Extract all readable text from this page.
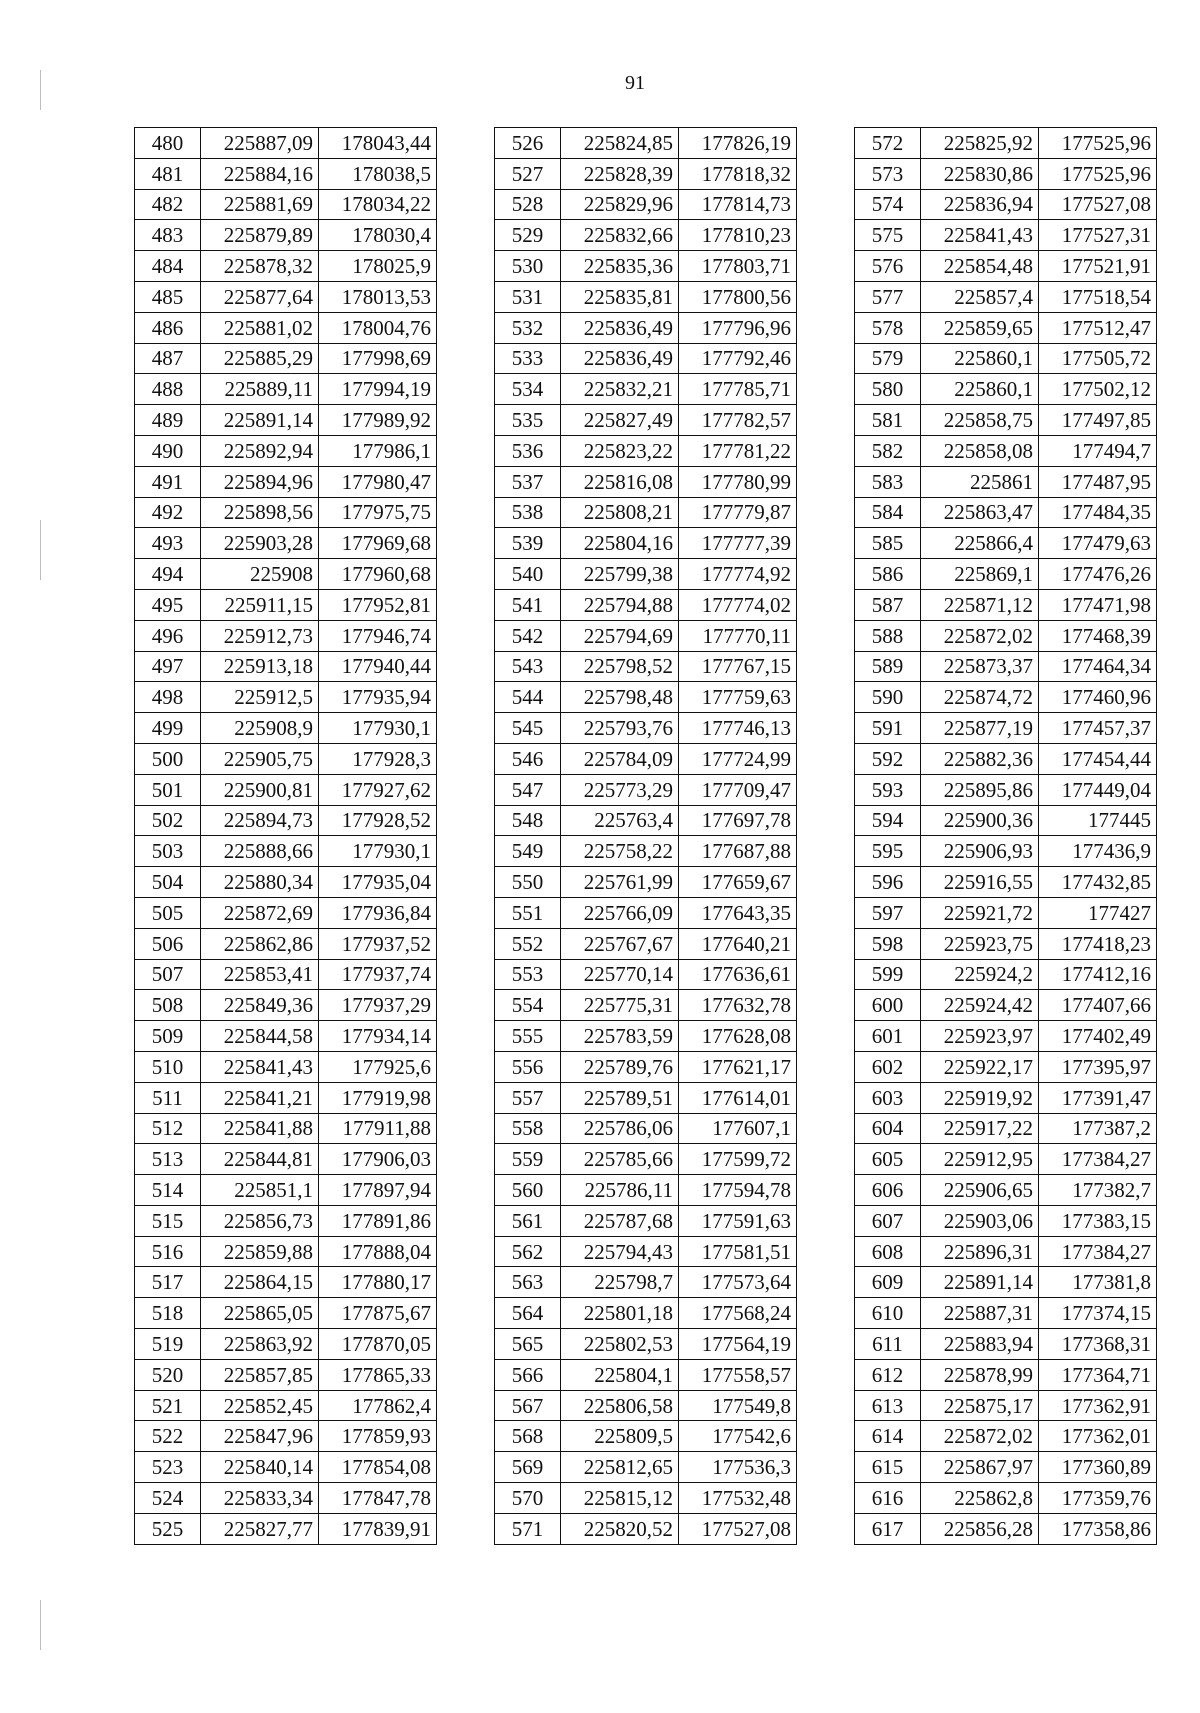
91
480	225887,09	178043,44
481	225884,16	178038,5
482	225881,69	178034,22
483	225879,89	178030,4
484	225878,32	178025,9
485	225877,64	178013,53
486	225881,02	178004,76
487	225885,29	177998,69
488	225889,11	177994,19
489	225891,14	177989,92
490	225892,94	177986,1
491	225894,96	177980,47
492	225898,56	177975,75
493	225903,28	177969,68
494	225908	177960,68
495	225911,15	177952,81
496	225912,73	177946,74
497	225913,18	177940,44
498	225912,5	177935,94
499	225908,9	177930,1
500	225905,75	177928,3
501	225900,81	177927,62
502	225894,73	177928,52
503	225888,66	177930,1
504	225880,34	177935,04
505	225872,69	177936,84
506	225862,86	177937,52
507	225853,41	177937,74
508	225849,36	177937,29
509	225844,58	177934,14
510	225841,43	177925,6
511	225841,21	177919,98
512	225841,88	177911,88
513	225844,81	177906,03
514	225851,1	177897,94
515	225856,73	177891,86
516	225859,88	177888,04
517	225864,15	177880,17
518	225865,05	177875,67
519	225863,92	177870,05
520	225857,85	177865,33
521	225852,45	177862,4
522	225847,96	177859,93
523	225840,14	177854,08
524	225833,34	177847,78
525	225827,77	177839,91
526	225824,85	177826,19
527	225828,39	177818,32
528	225829,96	177814,73
529	225832,66	177810,23
530	225835,36	177803,71
531	225835,81	177800,56
532	225836,49	177796,96
533	225836,49	177792,46
534	225832,21	177785,71
535	225827,49	177782,57
536	225823,22	177781,22
537	225816,08	177780,99
538	225808,21	177779,87
539	225804,16	177777,39
540	225799,38	177774,92
541	225794,88	177774,02
542	225794,69	177770,11
543	225798,52	177767,15
544	225798,48	177759,63
545	225793,76	177746,13
546	225784,09	177724,99
547	225773,29	177709,47
548	225763,4	177697,78
549	225758,22	177687,88
550	225761,99	177659,67
551	225766,09	177643,35
552	225767,67	177640,21
553	225770,14	177636,61
554	225775,31	177632,78
555	225783,59	177628,08
556	225789,76	177621,17
557	225789,51	177614,01
558	225786,06	177607,1
559	225785,66	177599,72
560	225786,11	177594,78
561	225787,68	177591,63
562	225794,43	177581,51
563	225798,7	177573,64
564	225801,18	177568,24
565	225802,53	177564,19
566	225804,1	177558,57
567	225806,58	177549,8
568	225809,5	177542,6
569	225812,65	177536,3
570	225815,12	177532,48
571	225820,52	177527,08
572	225825,92	177525,96
573	225830,86	177525,96
574	225836,94	177527,08
575	225841,43	177527,31
576	225854,48	177521,91
577	225857,4	177518,54
578	225859,65	177512,47
579	225860,1	177505,72
580	225860,1	177502,12
581	225858,75	177497,85
582	225858,08	177494,7
583	225861	177487,95
584	225863,47	177484,35
585	225866,4	177479,63
586	225869,1	177476,26
587	225871,12	177471,98
588	225872,02	177468,39
589	225873,37	177464,34
590	225874,72	177460,96
591	225877,19	177457,37
592	225882,36	177454,44
593	225895,86	177449,04
594	225900,36	177445
595	225906,93	177436,9
596	225916,55	177432,85
597	225921,72	177427
598	225923,75	177418,23
599	225924,2	177412,16
600	225924,42	177407,66
601	225923,97	177402,49
602	225922,17	177395,97
603	225919,92	177391,47
604	225917,22	177387,2
605	225912,95	177384,27
606	225906,65	177382,7
607	225903,06	177383,15
608	225896,31	177384,27
609	225891,14	177381,8
610	225887,31	177374,15
611	225883,94	177368,31
612	225878,99	177364,71
613	225875,17	177362,91
614	225872,02	177362,01
615	225867,97	177360,89
616	225862,8	177359,76
617	225856,28	177358,86
